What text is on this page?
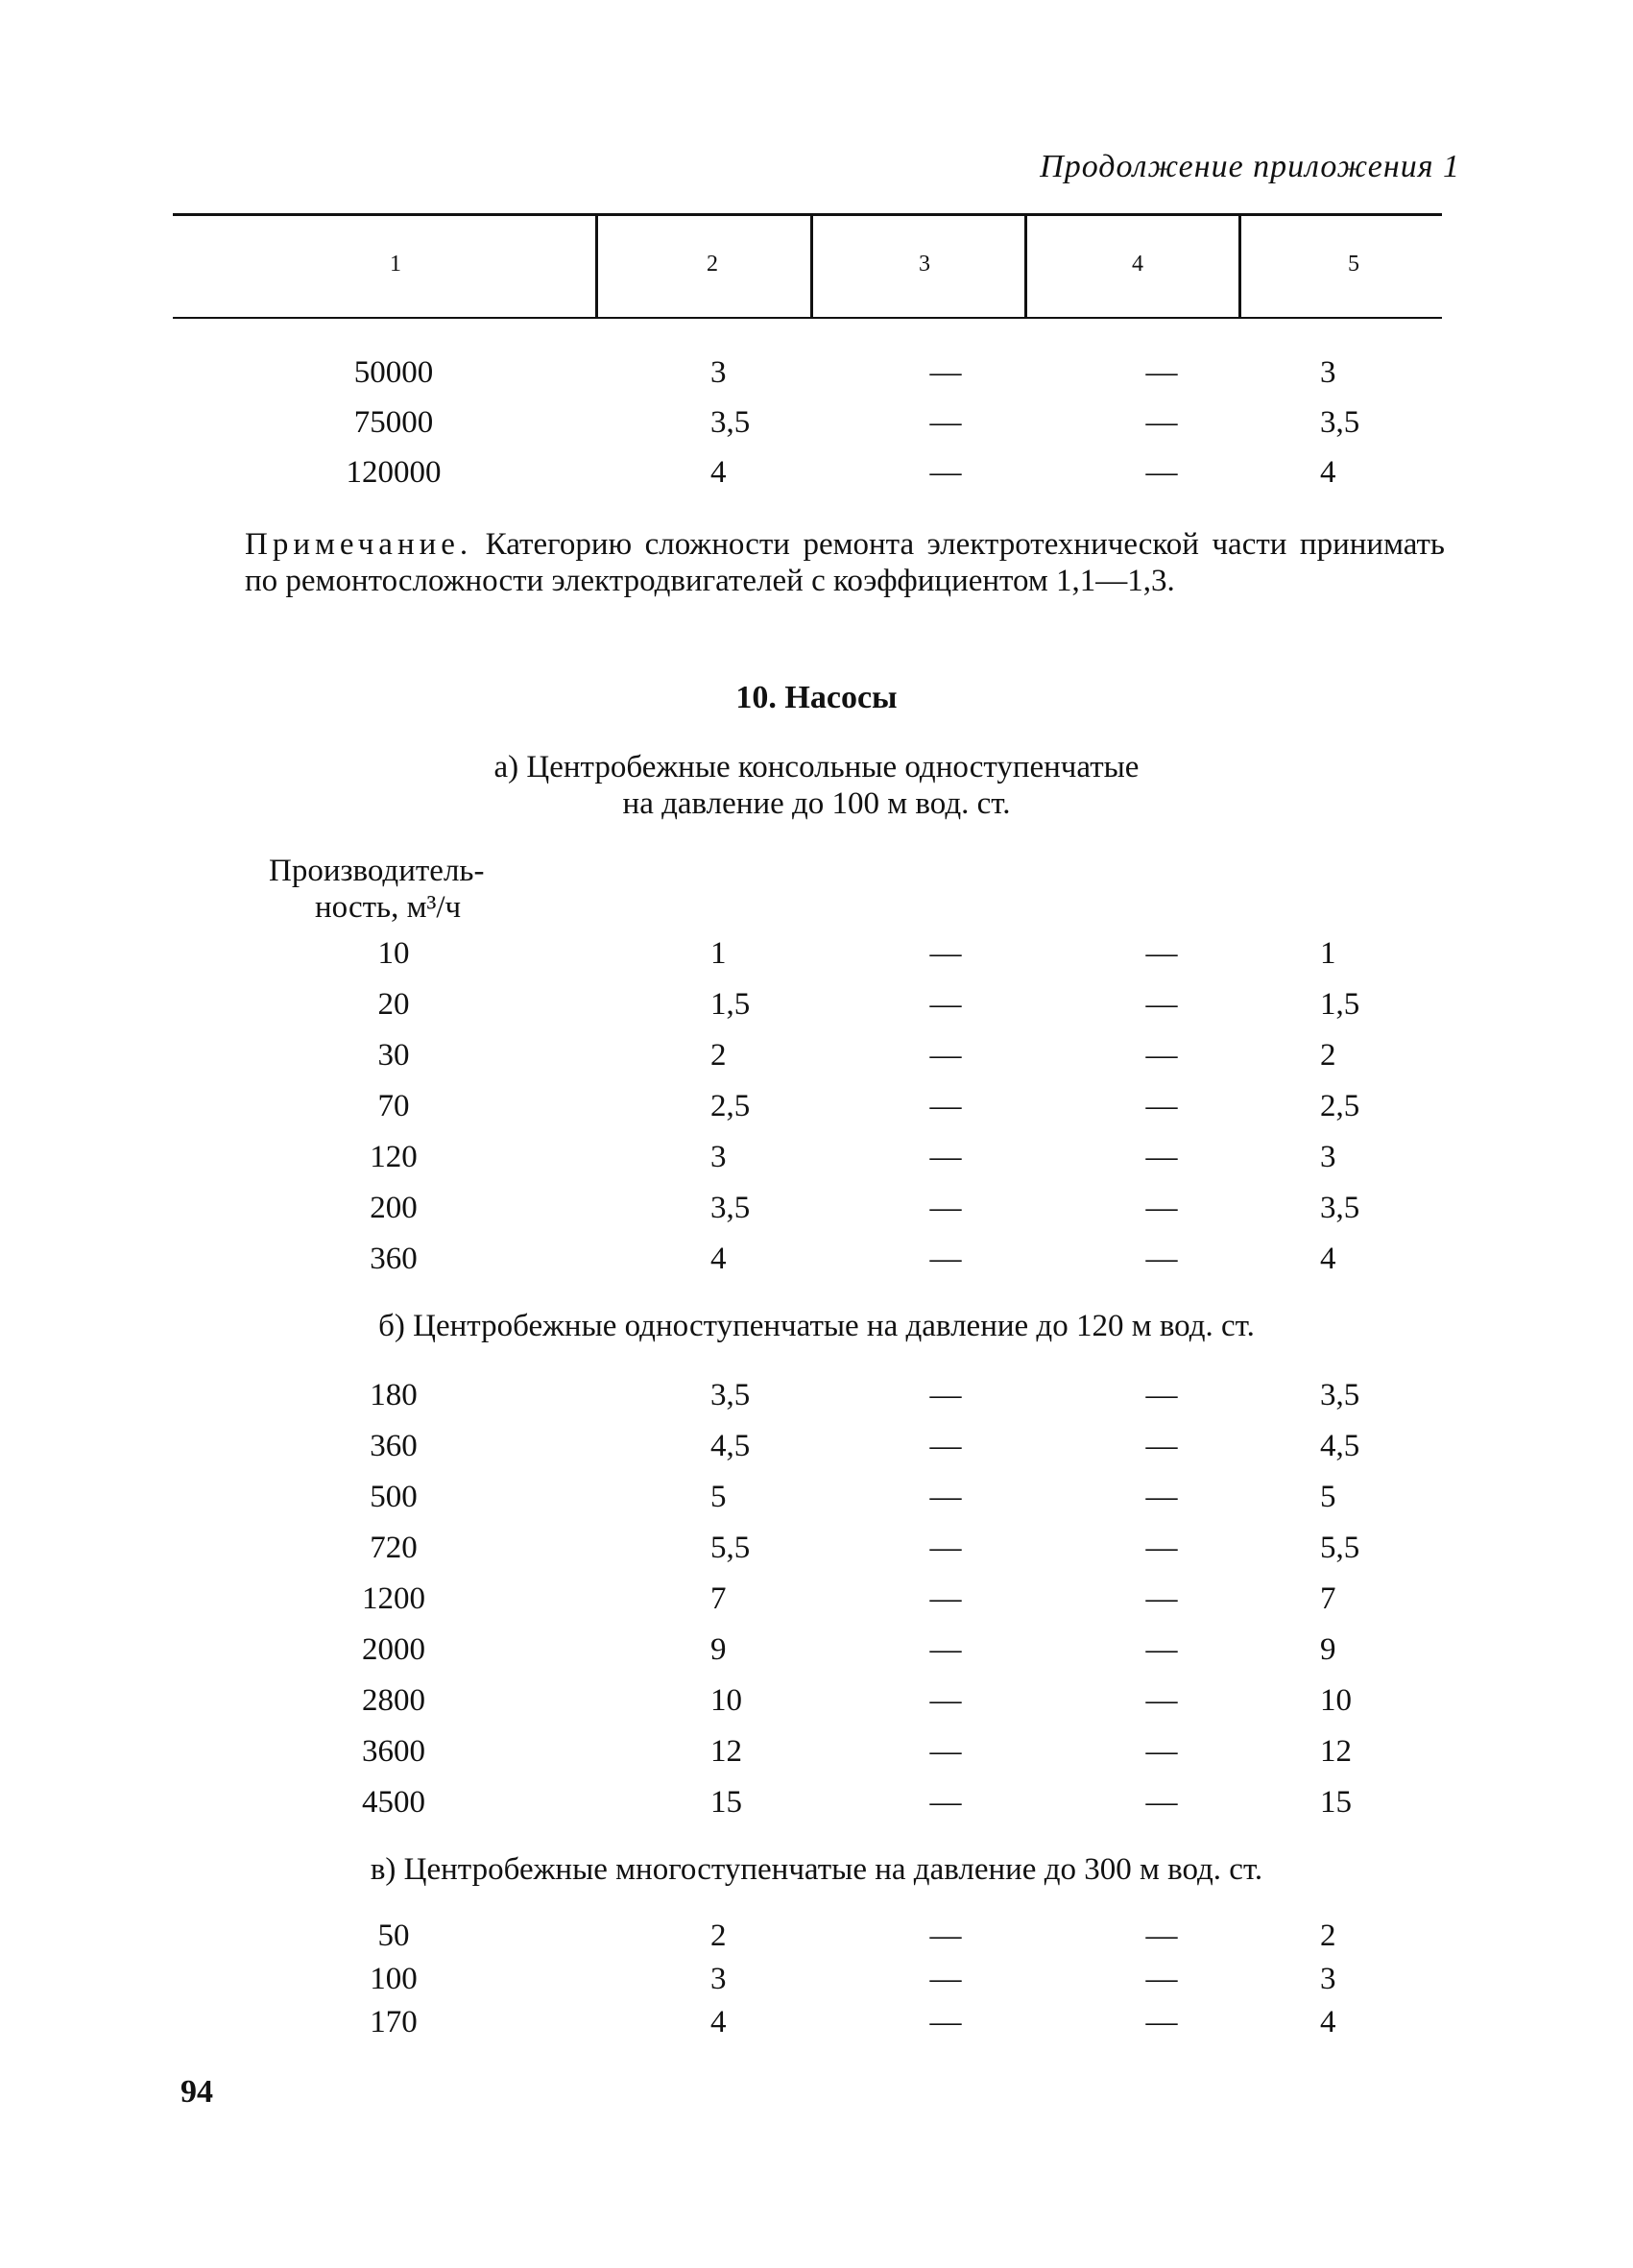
Продолжение приложения 1
1	2	3	4	5
50000	3	—	—	3
75000	3,5	—	—	3,5
120000	4	—	—	4
Примечание. Категорию сложности ремонта электротехнической части принимать по ремонтосложности электродвигателей с коэффициентом 1,1—1,3.
10. Насосы
а) Центробежные консольные одноступенчатые
на давление до 100 м вод. ст.
Производитель-
ность, м³/ч
10	1	—	—	1
20	1,5	—	—	1,5
30	2	—	—	2
70	2,5	—	—	2,5
120	3	—	—	3
200	3,5	—	—	3,5
360	4	—	—	4
б) Центробежные одноступенчатые на давление до 120 м вод. ст.
180	3,5	—	—	3,5
360	4,5	—	—	4,5
500	5	—	—	5
720	5,5	—	—	5,5
1200	7	—	—	7
2000	9	—	—	9
2800	10	—	—	10
3600	12	—	—	12
4500	15	—	—	15
в) Центробежные многоступенчатые на давление до 300 м вод. ст.
50	2	—	—	2
100	3	—	—	3
170	4	—	—	4
94
